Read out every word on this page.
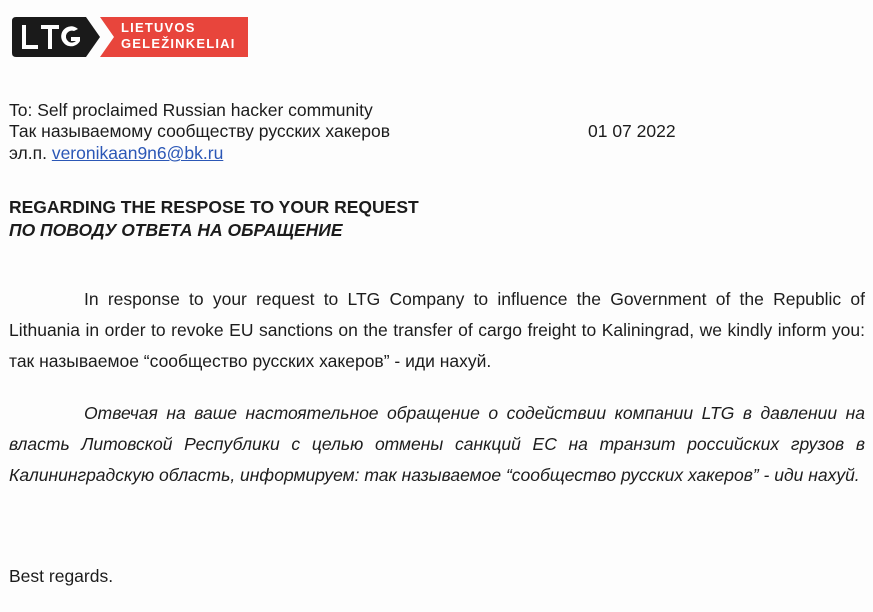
LIETUVOS
GELEŽINKELIAI
To: Self proclaimed Russian hacker community
Так называемому сообществу русских хакеров
эл.п. veronikaan9n6@bk.ru
01 07 2022
REGARDING THE RESPOSE TO YOUR REQUEST
ПО ПОВОДУ ОТВЕТА НА ОБРАЩЕНИЕ
In response to your request to LTG Company to influence the Government of the Republic of Lithuania in order to revoke EU sanctions on the transfer of cargo freight to Kaliningrad, we kindly inform you: так называемое “сообщество русских хакеров” - иди нахуй.
Отвечая на ваше настоятельное обращение о содействии компании LTG в давлении на власть Литовской Республики с целью отмены санкций ЕС на транзит российских грузов в Калининградскую область, информируем: так называемое “сообщество русских хакеров” - иди нахуй.
Best regards.
